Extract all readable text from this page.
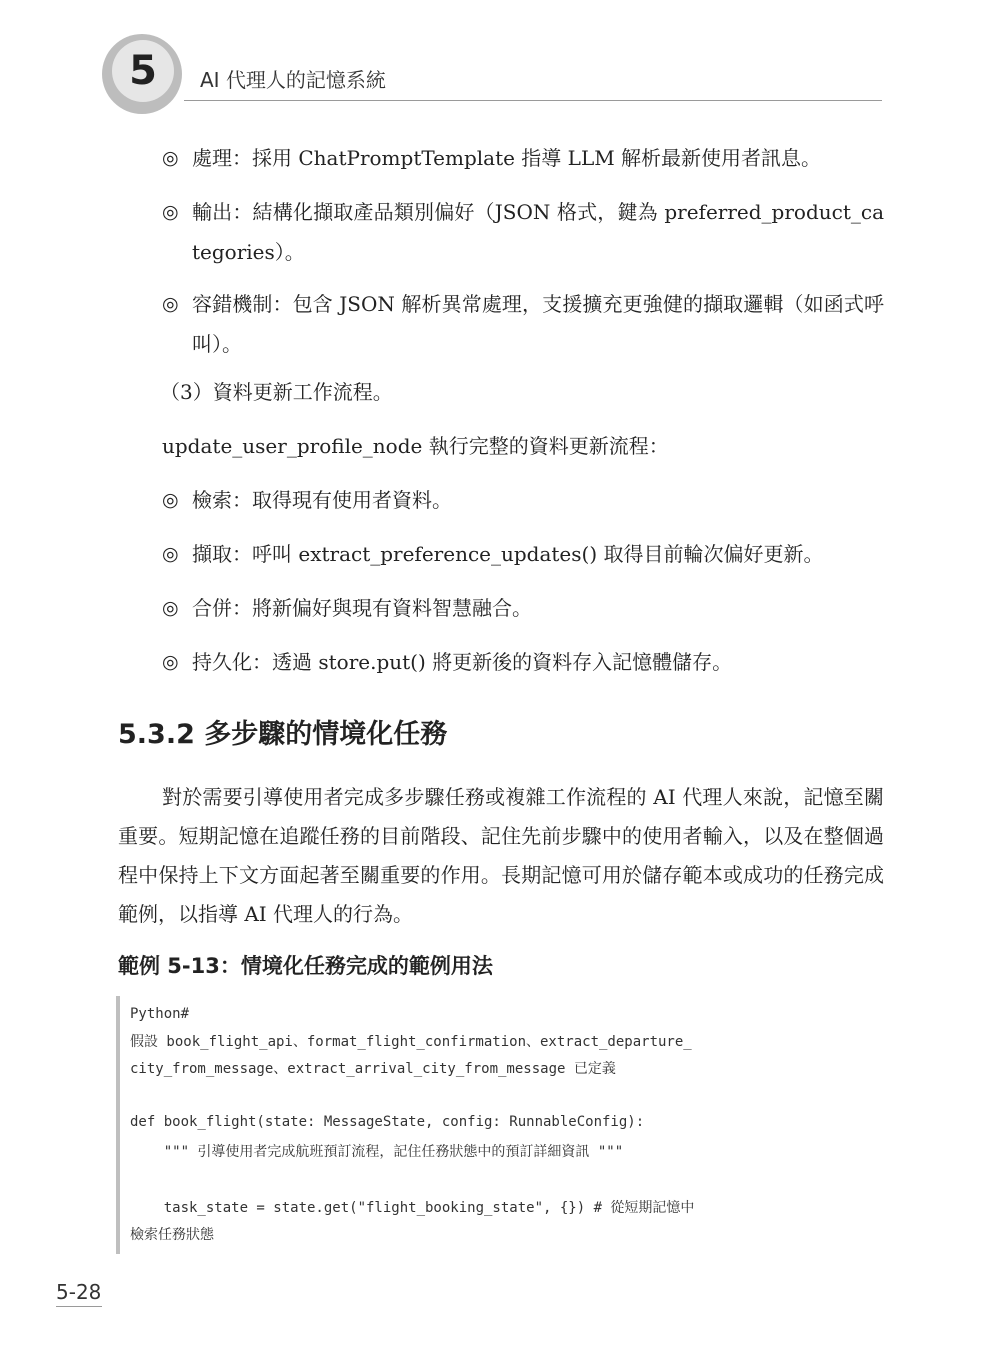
5	AI 代理人的記憶系統
◎ 處理：採用 ChatPromptTemplate 指導 LLM 解析最新使用者訊息。
◎ 輸出：結構化擷取產品類別偏好（JSON 格式，鍵為 preferred_product_categories）。
◎ 容錯機制：包含 JSON 解析異常處理，支援擴充更強健的擷取邏輯（如函式呼叫）。

（3）資料更新工作流程。

update_user_profile_node 執行完整的資料更新流程：

◎ 檢索：取得現有使用者資料。
◎ 擷取：呼叫 extract_preference_updates() 取得目前輪次偏好更新。
◎ 合併：將新偏好與現有資料智慧融合。
◎ 持久化：透過 store.put() 將更新後的資料存入記憶體儲存。
5.3.2 多步驟的情境化任務

對於需要引導使用者完成多步驟任務或複雜工作流程的 AI 代理人來說，記憶至關重要。短期記憶在追蹤任務的目前階段、記住先前步驟中的使用者輸入，以及在整個過程中保持上下文方面起著至關重要的作用。長期記憶可用於儲存範本或成功的任務完成範例，以指導 AI 代理人的行為。

範例 5-13：情境化任務完成的範例用法
Python#
假設 book_flight_api、format_flight_confirmation、extract_departure_
city_from_message、extract_arrival_city_from_message 已定義
def book_flight(state: MessageState, config: RunnableConfig):
""" 引導使用者完成航班預訂流程，記住任務狀態中的預訂詳細資訊 """
task_state = state.get("flight_booking_state", {}) # 從短期記憶中
檢索任務狀態
5-28
